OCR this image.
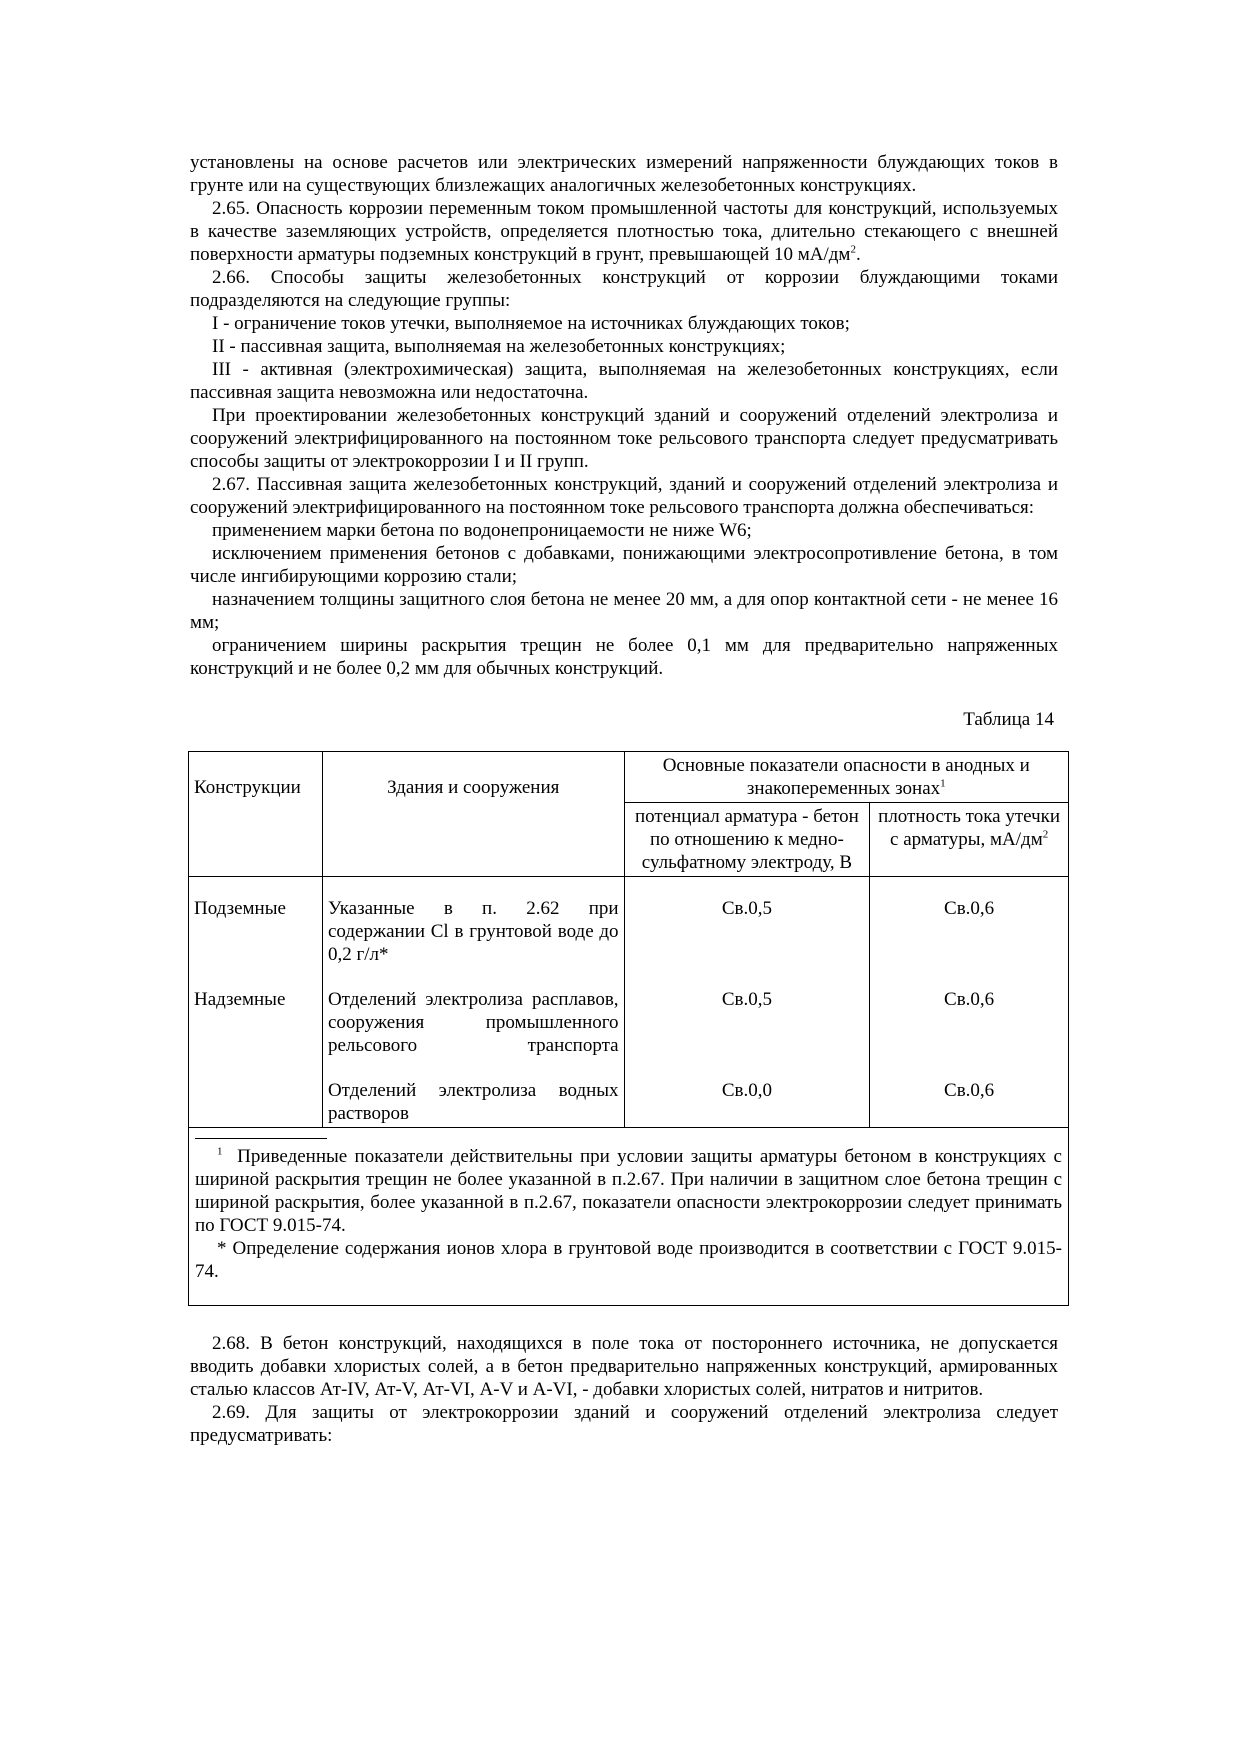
установлены на основе расчетов или электрических измерений напряженности блуждающих токов в грунте или на существующих близлежащих аналогичных железобетонных конструкциях.

2.65. Опасность коррозии переменным током промышленной частоты для конструкций, используемых в качестве заземляющих устройств, определяется плотностью тока, длительно стекающего с внешней поверхности арматуры подземных конструкций в грунт, превышающей 10 $мА/дм^2$.

2.66. Способы защиты железобетонных конструкций от коррозии блуждающими токами подразделяются на следующие группы:

I - ограничение токов утечки, выполняемое на источниках блуждающих токов;

II - пассивная защита, выполняемая на железобетонных конструкциях;

III - активная (электрохимическая) защита, выполняемая на железобетонных конструкциях, если пассивная защита невозможна или недостаточна.

При проектировании железобетонных конструкций зданий и сооружений отделений электролиза и сооружений электрифицированного на постоянном токе рельсового транспорта следует предусматривать способы защиты от электрокоррозии I и II групп.

2.67. Пассивная защита железобетонных конструкций, зданий и сооружений отделений электролиза и сооружений электрифицированного на постоянном токе рельсового транспорта должна обеспечиваться:

применением марки бетона по водонепроницаемости не ниже W6;

исключением применения бетонов с добавками, понижающими электросопротивление бетона, в том числе ингибирующими коррозию стали;

назначением толщины защитного слоя бетона не менее 20 мм, а для опор контактной сети - не менее 16 мм;

ограничением ширины раскрытия трещин не более 0,1 мм для предварительно напряженных конструкций и не более 0,2 мм для обычных конструкций.

Таблица 14
Конструкции	Здания и сооружения	Основные показатели опасности в анодных и знакопеременных зонах$^1$
		потенциал арматура - бетон по отношению к медно- сульфатному электроду, В	плотность тока утечки с арматуры, $мА/дм^2$
Подземные	Указанные в п. 2.62 при содержании Cl в грунтовой воде до 0,2 г/л*	Св.0,5	Св.0,6
Надземные	Отделений электролиза расплавов, сооружения промышленного рельсового транспорта	Св.0,5	Св.0,6
	Отделений электролиза водных растворов	Св.0,0	Св.0,6

$^1$ Приведенные показатели действительны при условии защиты арматуры бетоном в конструкциях с шириной раскрытия трещин не более указанной в п.2.67. При наличии в защитном слое бетона трещин с шириной раскрытия, более указанной в п.2.67, показатели опасности электрокоррозии следует принимать по ГОСТ 9.015-74.

* Определение содержания ионов хлора в грунтовой воде производится в соответствии с ГОСТ 9.015-74.			

2.68. В бетон конструкций, находящихся в поле тока от постороннего источника, не допускается вводить добавки хлористых солей, а в бетон предварительно напряженных конструкций, армированных сталью классов Ат-IV, Ат-V, Ат-VI, А-V и А-VI, - добавки хлористых солей, нитратов и нитритов.

2.69. Для защиты от электрокоррозии зданий и сооружений отделений электролиза следует предусматривать:
